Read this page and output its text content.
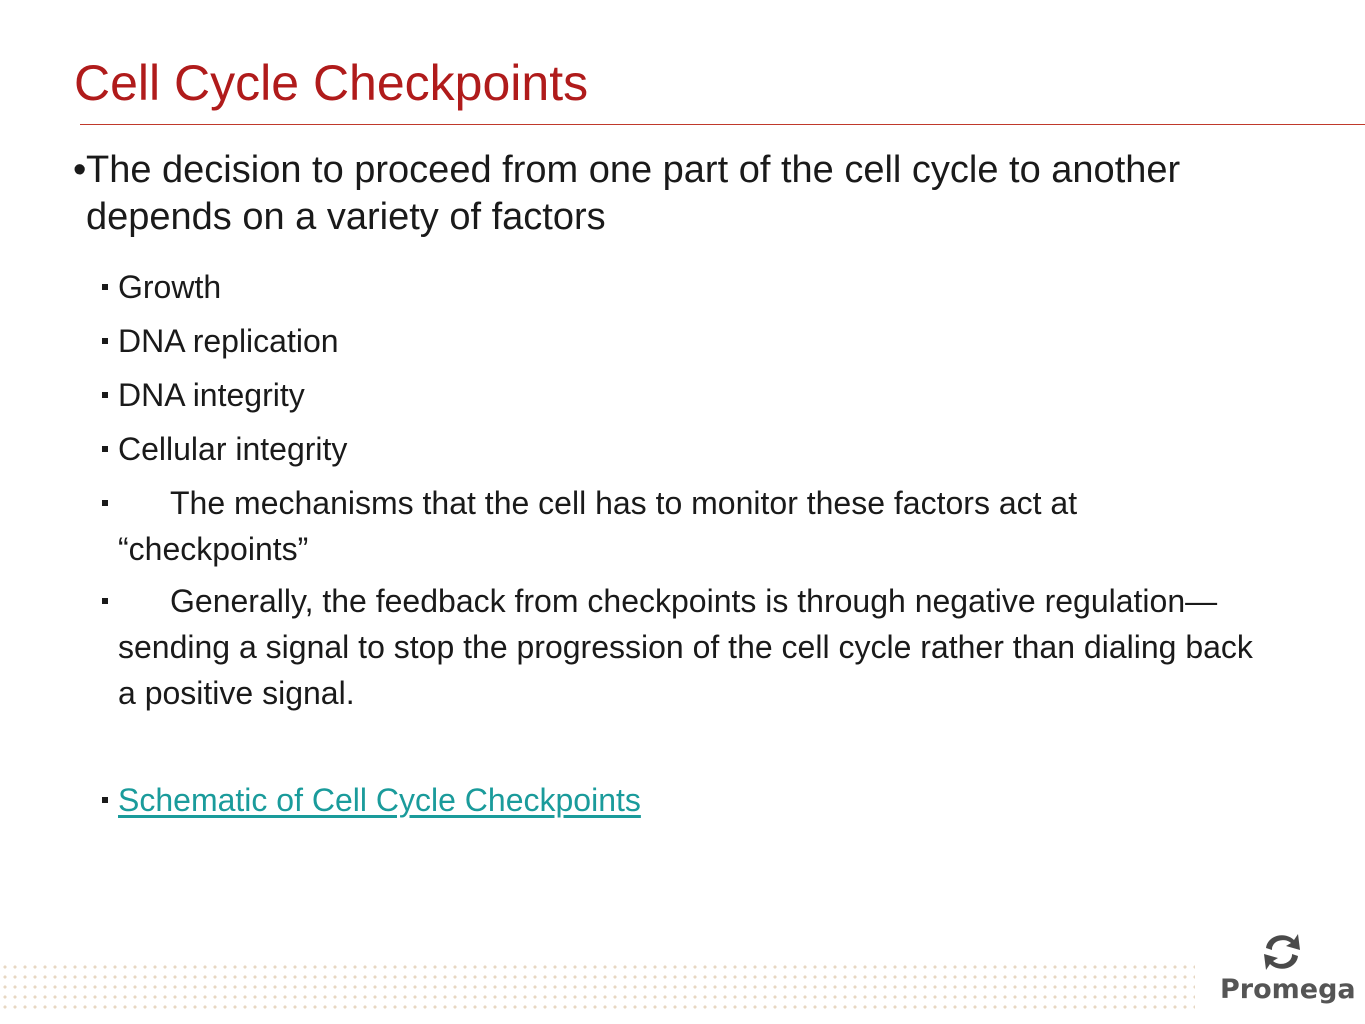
Cell Cycle Checkpoints
• The decision to proceed from one part of the cell cycle to another depends on a variety of factors
Growth
DNA replication
DNA integrity
Cellular integrity
The mechanisms that the cell has to monitor these factors act at “checkpoints”
Generally, the feedback from checkpoints is through negative regulation—sending a signal to stop the progression of the cell cycle rather than dialing back a positive signal.
Schematic of Cell Cycle Checkpoints
Promega
